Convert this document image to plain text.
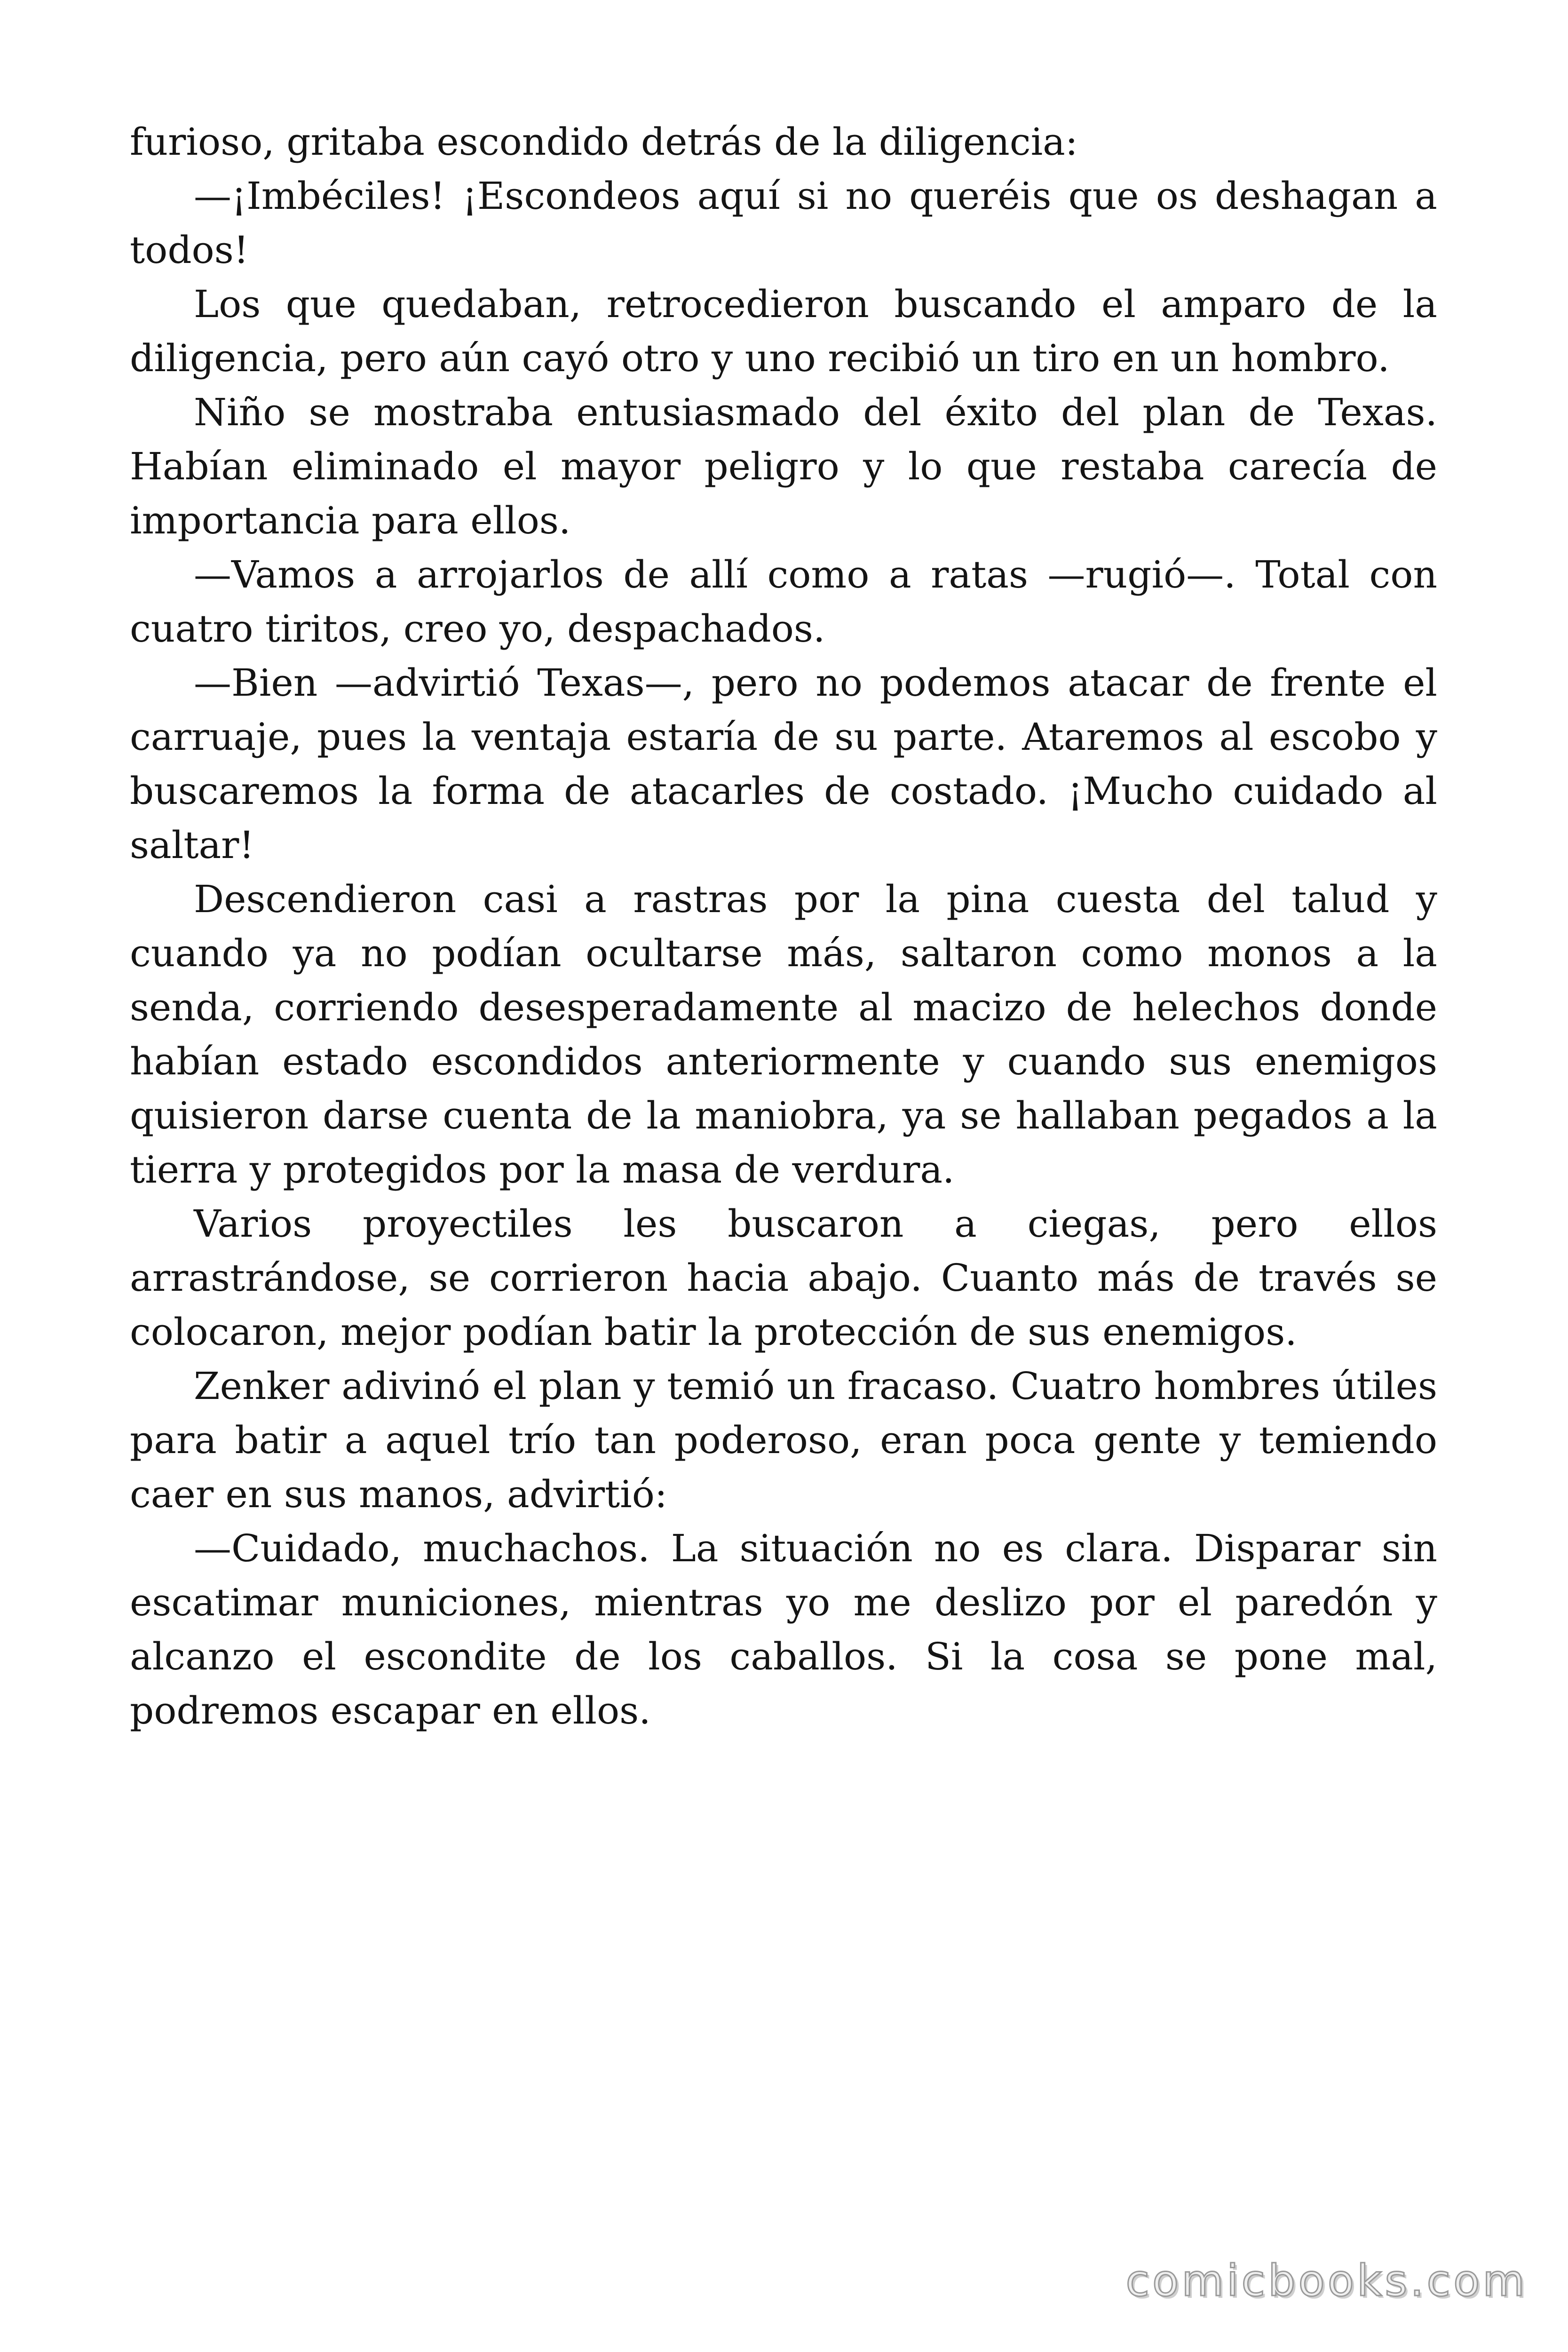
furioso, gritaba escondido detrás de la diligencia:

—¡Imbéciles! ¡Escondeos aquí si no queréis que os deshagan a todos!

Los que quedaban, retrocedieron buscando el amparo de la diligencia, pero aún cayó otro y uno recibió un tiro en un hombro.

Niño se mostraba entusiasmado del éxito del plan de Texas. Habían eliminado el mayor peligro y lo que restaba carecía de importancia para ellos.

—Vamos a arrojarlos de allí como a ratas —rugió—. Total con cuatro tiritos, creo yo, despachados.

—Bien —advirtió Texas—, pero no podemos atacar de frente el carruaje, pues la ventaja estaría de su parte. Ataremos al escobo y buscaremos la forma de atacarles de costado. ¡Mucho cuidado al saltar!

Descendieron casi a rastras por la pina cuesta del talud y cuando ya no podían ocultarse más, saltaron como monos a la senda, corriendo desesperadamente al macizo de helechos donde habían estado escondidos anteriormente y cuando sus enemigos quisieron darse cuenta de la maniobra, ya se hallaban pegados a la tierra y protegidos por la masa de verdura.

Varios proyectiles les buscaron a ciegas, pero ellos arrastrándose, se corrieron hacia abajo. Cuanto más de través se colocaron, mejor podían batir la protección de sus enemigos.

Zenker adivinó el plan y temió un fracaso. Cuatro hombres útiles para batir a aquel trío tan poderoso, eran poca gente y temiendo caer en sus manos, advirtió:

—Cuidado, muchachos. La situación no es clara. Disparar sin escatimar municiones, mientras yo me deslizo por el paredón y alcanzo el escondite de los caballos. Si la cosa se pone mal, podremos escapar en ellos.

comicbooks.com
